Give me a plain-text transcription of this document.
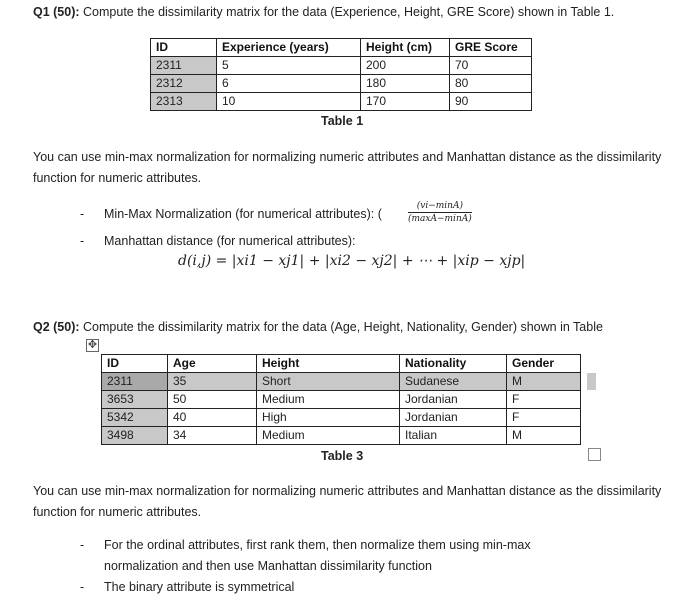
Q1 (50): Compute the dissimilarity matrix for the data (Experience, Height, GRE Score) shown in Table 1.
ID	Experience (years)	Height (cm)	GRE Score
2311	5	200	70
2312	6	180	80
2313	10	170	90
Table 1
You can use min-max normalization for normalizing numeric attributes and Manhattan distance as the dissimilarity function for numeric attributes.
- Min-Max Normalization (for numerical attributes): (
(vi−minA)
(maxA−minA)
- Manhattan distance (for numerical attributes):
d(i,j) = |xi1 − xj1| + |xi2 − xj2| + ⋯ + |xip − xjp|
Q2 (50): Compute the dissimilarity matrix for the data (Age, Height, Nationality, Gender) shown in Table
✥
ID	Age	Height	Nationality	Gender
2311	35	Short	Sudanese	M
3653	50	Medium	Jordanian	F
5342	40	High	Jordanian	F
3498	34	Medium	Italian	M
Table 3
You can use min-max normalization for normalizing numeric attributes and Manhattan distance as the dissimilarity function for numeric attributes.
- For the ordinal attributes, first rank them, then normalize them using min-max
normalization and then use Manhattan dissimilarity function
- The binary attribute is symmetrical
